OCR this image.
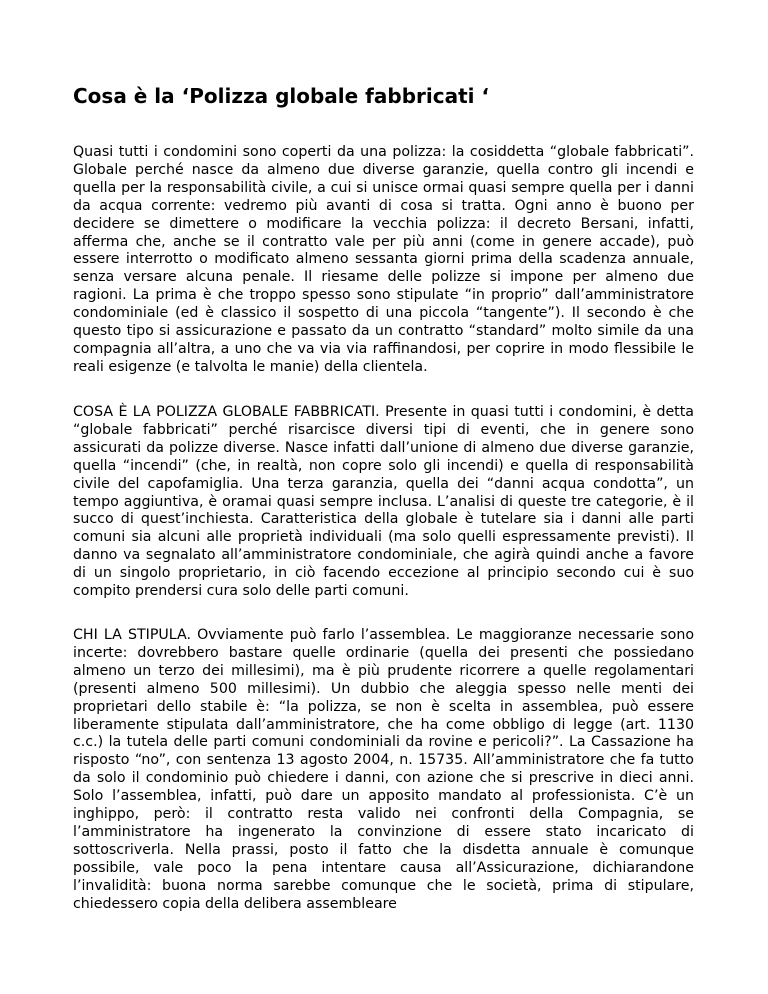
Cosa è la ‘Polizza globale fabbricati ‘

Quasi tutti i condomini sono coperti da una polizza: la cosiddetta “globale fabbricati”. Globale perché nasce da almeno due diverse garanzie, quella contro gli incendi e quella per la responsabilità civile, a cui si unisce ormai quasi sempre quella per i danni da acqua corrente: vedremo più avanti di cosa si tratta. Ogni anno è buono per decidere se dimettere o modificare la vecchia polizza: il decreto Bersani, infatti, afferma che, anche se il contratto vale per più anni (come in genere accade), può essere interrotto o modificato almeno sessanta giorni prima della scadenza annuale, senza versare alcuna penale. Il riesame delle polizze si impone per almeno due ragioni. La prima è che troppo spesso sono stipulate “in proprio” dall’amministratore condominiale (ed è classico il sospetto di una piccola “tangente”). Il secondo è che questo tipo si assicurazione e passato da un contratto “standard” molto simile da una compagnia all’altra, a uno che va via via raffinandosi, per coprire in modo flessibile le reali esigenze (e talvolta le manie) della clientela.

COSA È LA POLIZZA GLOBALE FABBRICATI. Presente in quasi tutti i condomini, è detta “globale fabbricati” perché risarcisce diversi tipi di eventi, che in genere sono assicurati da polizze diverse. Nasce infatti dall’unione di almeno due diverse garanzie, quella “incendi” (che, in realtà, non copre solo gli incendi) e quella di responsabilità civile del capofamiglia. Una terza garanzia, quella dei “danni acqua condotta”, un tempo aggiuntiva, è oramai quasi sempre inclusa. L’analisi di queste tre categorie, è il succo di quest’inchiesta. Caratteristica della globale è tutelare sia i danni alle parti comuni sia alcuni alle proprietà individuali (ma solo quelli espressamente previsti). Il danno va segnalato all’amministratore condominiale, che agirà quindi anche a favore di un singolo proprietario, in ciò facendo eccezione al principio secondo cui è suo compito prendersi cura solo delle parti comuni.

CHI LA STIPULA. Ovviamente può farlo l’assemblea. Le maggioranze necessarie sono incerte: dovrebbero bastare quelle ordinarie (quella dei presenti che possiedano almeno un terzo dei millesimi), ma è più prudente ricorrere a quelle regolamentari (presenti almeno 500 millesimi). Un dubbio che aleggia spesso nelle menti dei proprietari dello stabile è: “la polizza, se non è scelta in assemblea, può essere liberamente stipulata dall’amministratore, che ha come obbligo di legge (art. 1130 c.c.) la tutela delle parti comuni condominiali da rovine e pericoli?”. La Cassazione ha risposto “no”, con sentenza 13 agosto 2004, n. 15735. All’amministratore che fa tutto da solo il condominio può chiedere i danni, con azione che si prescrive in dieci anni. Solo l’assemblea, infatti, può dare un apposito mandato al professionista. C’è un inghippo, però: il contratto resta valido nei confronti della Compagnia, se l’amministratore ha ingenerato la convinzione di essere stato incaricato di sottoscriverla. Nella prassi, posto il fatto che la disdetta annuale è comunque possibile, vale poco la pena intentare causa all’Assicurazione, dichiarandone l’invalidità: buona norma sarebbe comunque che le società, prima di stipulare, chiedessero copia della delibera assembleare
